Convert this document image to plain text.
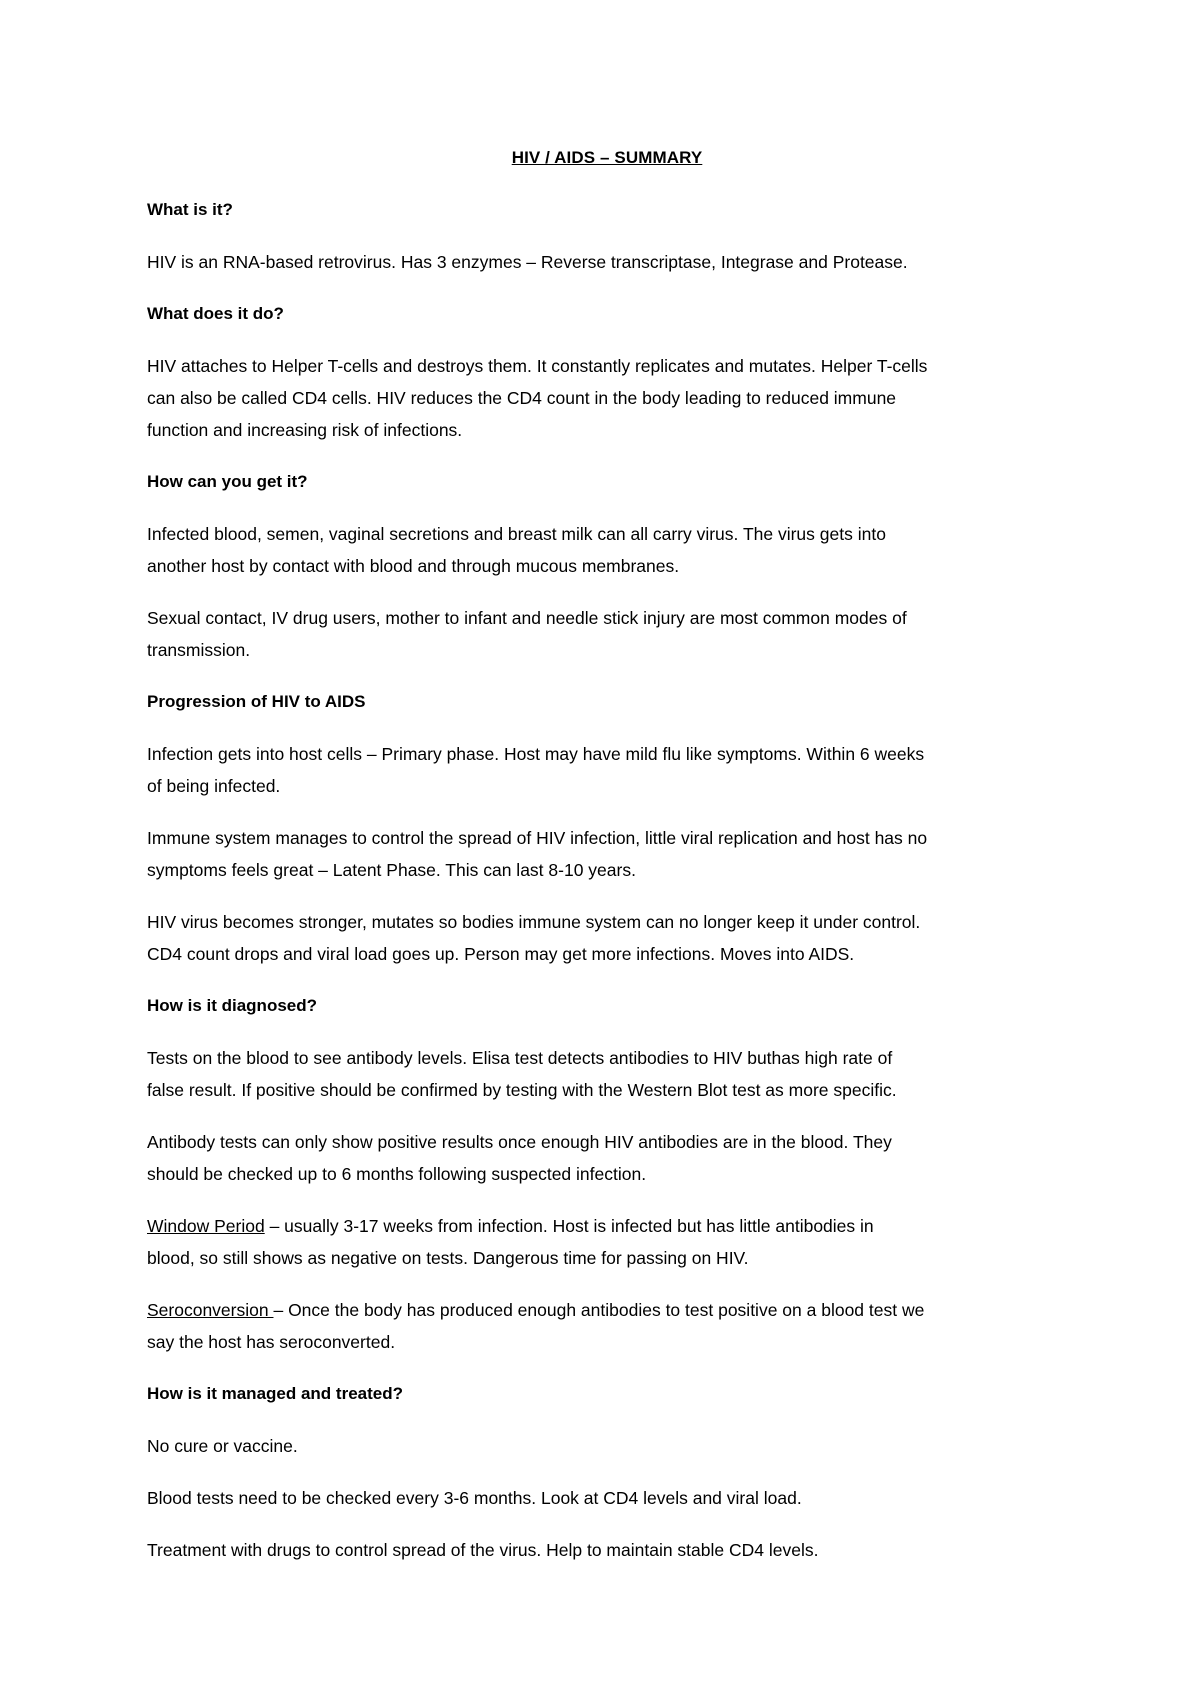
HIV / AIDS – SUMMARY
What is it?
HIV is an RNA-based retrovirus. Has 3 enzymes – Reverse transcriptase, Integrase and Protease.
What does it do?
HIV attaches to Helper T-cells and destroys them. It constantly replicates and mutates. Helper T-cells
can also be called CD4 cells. HIV reduces the CD4 count in the body leading to reduced immune
function and increasing risk of infections.
How can you get it?
Infected blood, semen, vaginal secretions and breast milk can all carry virus. The virus gets into
another host by contact with blood and through mucous membranes.
Sexual contact, IV drug users, mother to infant and needle stick injury are most common modes of
transmission.
Progression of HIV to AIDS
Infection gets into host cells – Primary phase. Host may have mild flu like symptoms. Within 6 weeks
of being infected.
Immune system manages to control the spread of HIV infection, little viral replication and host has no
symptoms feels great – Latent Phase. This can last 8-10 years.
HIV virus becomes stronger, mutates so bodies immune system can no longer keep it under control.
CD4 count drops and viral load goes up. Person may get more infections. Moves into AIDS.
How is it diagnosed?
Tests on the blood to see antibody levels. Elisa test detects antibodies to HIV buthas high rate of
false result. If positive should be confirmed by testing with the Western Blot test as more specific.
Antibody tests can only show positive results once enough HIV antibodies are in the blood. They
should be checked up to 6 months following suspected infection.
Window Period – usually 3-17 weeks from infection. Host is infected but has little antibodies in
blood, so still shows as negative on tests. Dangerous time for passing on HIV.
Seroconversion – Once the body has produced enough antibodies to test positive on a blood test we
say the host has seroconverted.
How is it managed and treated?
No cure or vaccine.
Blood tests need to be checked every 3-6 months. Look at CD4 levels and viral load.
Treatment with drugs to control spread of the virus. Help to maintain stable CD4 levels.
